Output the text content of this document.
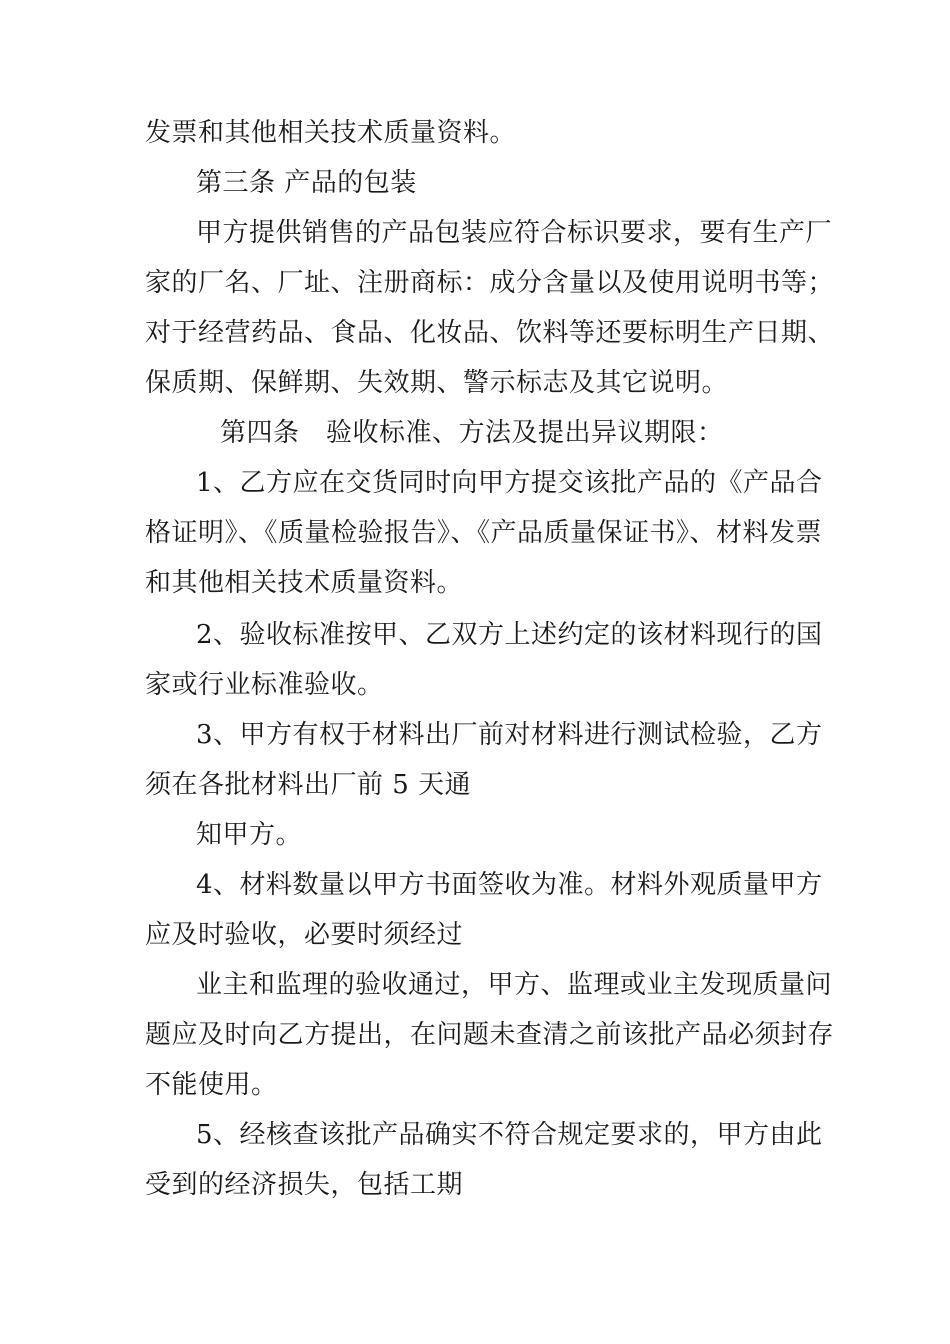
发票和其他相关技术质量资料。
第三条 产品的包装
甲方提供销售的产品包装应符合标识要求，要有生产厂
家的厂名、厂址、注册商标：成分含量以及使用说明书等；
对于经营药品、食品、化妆品、饮料等还要标明生产日期、
保质期、保鲜期、失效期、警示标志及其它说明。
第四条　验收标准、方法及提出异议期限：
1、乙方应在交货同时向甲方提交该批产品的《产品合
格证明》、《质量检验报告》、《产品质量保证书》、材料发票
和其他相关技术质量资料。
2、验收标准按甲、乙双方上述约定的该材料现行的国
家或行业标准验收。
3、甲方有权于材料出厂前对材料进行测试检验，乙方
须在各批材料出厂前 5 天通
知甲方。
4、材料数量以甲方书面签收为准。材料外观质量甲方
应及时验收，必要时须经过
业主和监理的验收通过，甲方、监理或业主发现质量问
题应及时向乙方提出，在问题未查清之前该批产品必须封存
不能使用。
5、经核查该批产品确实不符合规定要求的，甲方由此
受到的经济损失，包括工期
